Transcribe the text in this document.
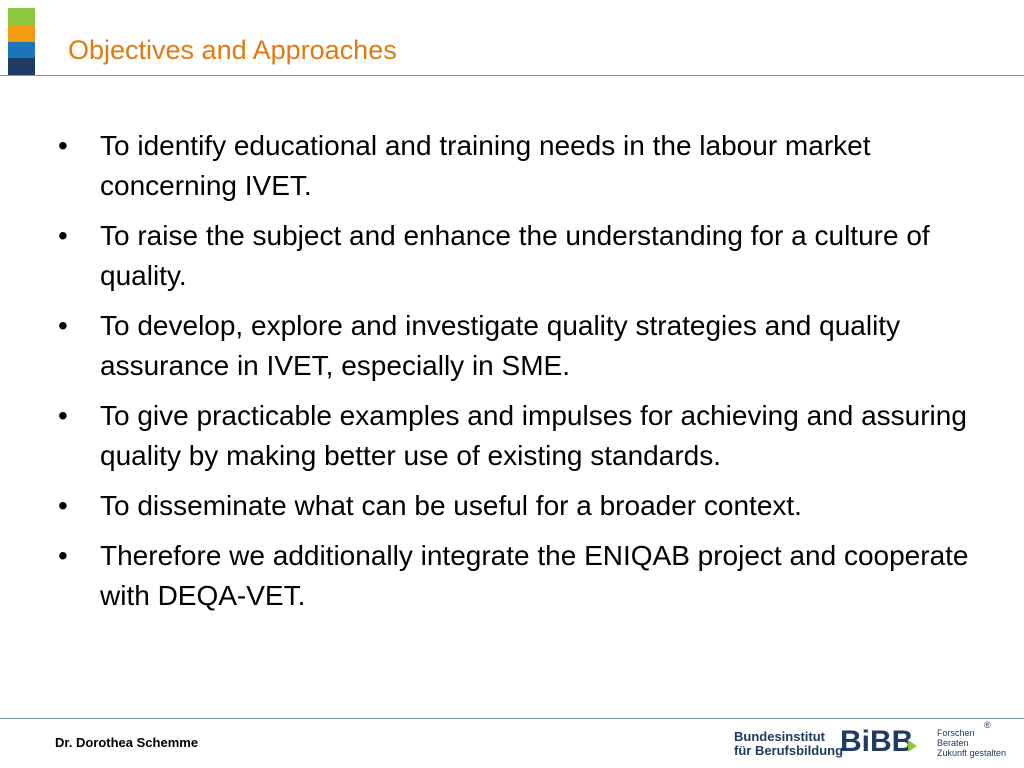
Objectives and Approaches
•	To identify educational and training needs in the labour market concerning IVET.
•	To raise the subject and enhance the understanding for a culture of quality.
•	To develop, explore and investigate quality strategies and quality assurance in IVET, especially in SME.
•	To give practicable examples and impulses for achieving and assuring quality by making better use of existing standards.
•	To disseminate what can be useful for a broader context.
•	Therefore we additionally integrate the ENIQAB project and cooperate with DEQA-VET.
Dr. Dorothea Schemme	Bundesinstitut
für Berufsbildung
BiBB	Forschen
Beraten
Zukunft gestalten
®
